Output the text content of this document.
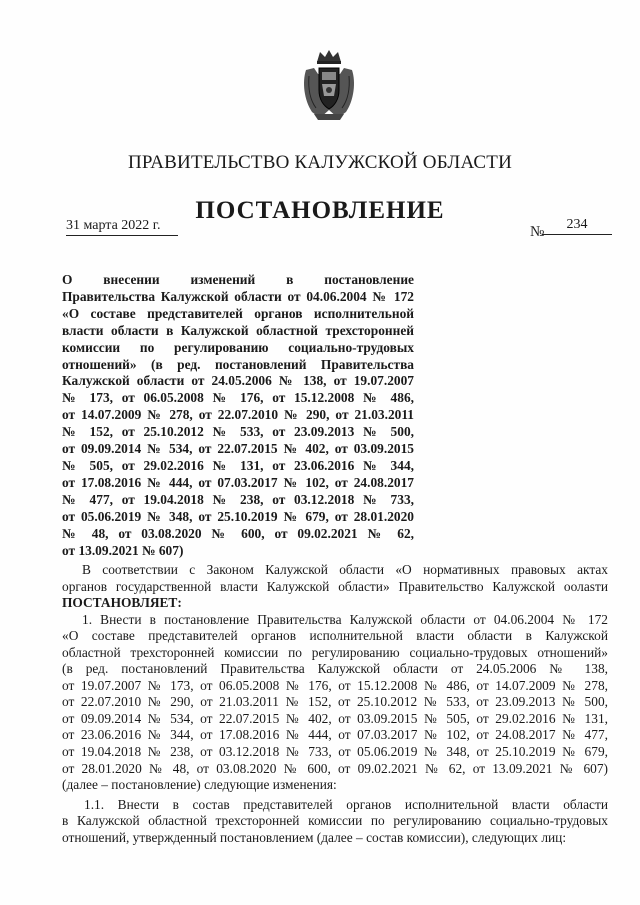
ПРАВИТЕЛЬСТВО КАЛУЖСКОЙ ОБЛАСТИ
ПОСТАНОВЛЕНИЕ
31 марта 2022 г.	№	234
О внесении изменений в постановление
Правительства Калужской области от 04.06.2004 № 172
«О составе представителей органов исполнительной
власти области в Калужской областной трехсторонней
комиссии по регулированию социально-трудовых
отношений» (в ред. постановлений Правительства
Калужской области от 24.05.2006 № 138, от 19.07.2007
№ 173, от 06.05.2008 № 176, от 15.12.2008 № 486,
от 14.07.2009 № 278, от 22.07.2010 № 290, от 21.03.2011
№ 152, от 25.10.2012 № 533, от 23.09.2013 № 500,
от 09.09.2014 № 534, от 22.07.2015 № 402, от 03.09.2015
№ 505, от 29.02.2016 № 131, от 23.06.2016 № 344,
от 17.08.2016 № 444, от 07.03.2017 № 102, от 24.08.2017
№ 477, от 19.04.2018 № 238, от 03.12.2018 № 733,
от 05.06.2019 № 348, от 25.10.2019 № 679, от 28.01.2020
№ 48, от 03.08.2020 № 600, от 09.02.2021 № 62,
от 13.09.2021 № 607)
В соответствии с Законом Калужской области «О нормативных правовых актах
органов государственной власти Калужской области» Правительство Калужской оолasти
ПОСТАНОВЛЯЕТ:
1. Внести в постановление Правительства Калужской области от 04.06.2004 № 172
«О составе представителей органов исполнительной власти области в Калужской
областной трехсторонней комиссии по регулированию социально-трудовых отношений»
(в ред. постановлений Правительства Калужской области от 24.05.2006 № 138,
от 19.07.2007 № 173, от 06.05.2008 № 176, от 15.12.2008 № 486, от 14.07.2009 № 278,
от 22.07.2010 № 290, от 21.03.2011 № 152, от 25.10.2012 № 533, от 23.09.2013 № 500,
от 09.09.2014 № 534, от 22.07.2015 № 402, от 03.09.2015 № 505, от 29.02.2016 № 131,
от 23.06.2016 № 344, от 17.08.2016 № 444, от 07.03.2017 № 102, от 24.08.2017 № 477,
от 19.04.2018 № 238, от 03.12.2018 № 733, от 05.06.2019 № 348, от 25.10.2019 № 679,
от 28.01.2020 № 48, от 03.08.2020 № 600, от 09.02.2021 № 62, от 13.09.2021 № 607)
(далее – постановление) следующие изменения:
1.1. Внести в состав представителей органов исполнительной власти области
в Калужской областной трехсторонней комиссии по регулированию социально-трудовых
отношений, утвержденный постановлением (далее – состав комиссии), следующих лиц:
